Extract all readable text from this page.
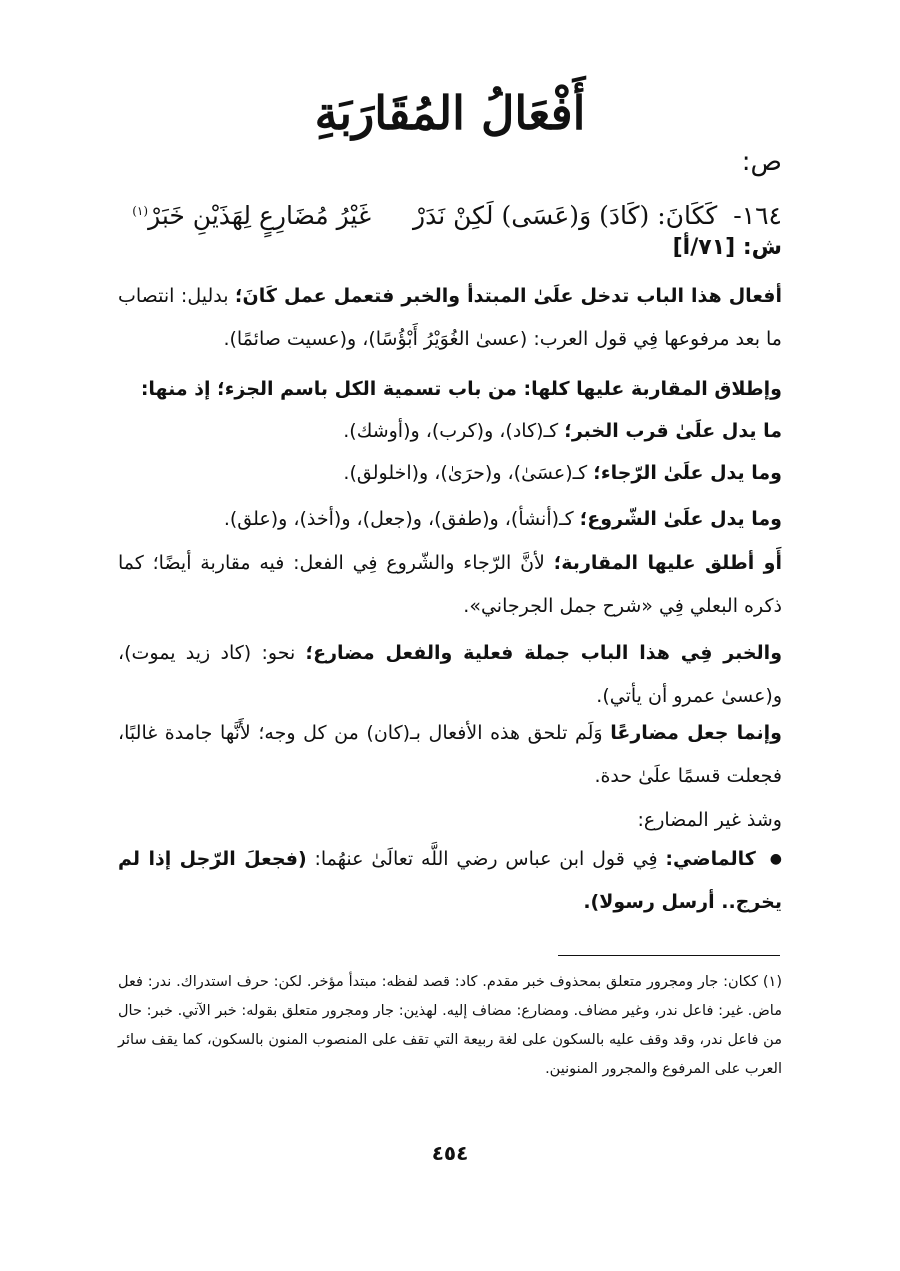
أَفْعَالُ المُقَارَبَةِ
ص:
١٦٤- كَكَانَ: (كَادَ) وَ(عَسَى) لَكِنْ نَدَرْ غَيْرُ مُضَارِعٍ لِهَذَيْنِ خَبَرْ$^{(١)}$
ش: [٧١/أ]
أفعال هذا الباب تدخل علَىٰ المبتدأ والخبر فتعمل عمل كَانَ؛ بدليل: انتصاب ما بعد مرفوعها فِي قول العرب: (عسىٰ الغُوَيْرُ أَبْؤُسًا)، و(عسيت صائمًا).
وإطلاق المقاربة عليها كلها: من باب تسمية الكل باسم الجزء؛ إذ منها:
ما يدل علَىٰ قرب الخبر؛ كـ(كاد)، و(كرب)، و(أوشك).
وما يدل علَىٰ الرّجاء؛ كـ(عسَىٰ)، و(حرَىٰ)، و(اخلولق).
وما يدل علَىٰ الشّروع؛ كـ(أنشأ)، و(طفق)، و(جعل)، و(أخذ)، و(علق).
أَو أطلق عليها المقاربة؛ لأنَّ الرّجاء والشّروع فِي الفعل: فيه مقاربة أيضًا؛ كما ذكره البعلي فِي «شرح جمل الجرجاني».
والخبر فِي هذا الباب جملة فعلية والفعل مضارع؛ نحو: (كاد زيد يموت)، و(عسىٰ عمرو أن يأتي).
وإنما جعل مضارعًا وَلَم تلحق هذه الأفعال بـ(كان) من كل وجه؛ لأَنَّها جامدة غالبًا، فجعلت قسمًا علَىٰ حدة.
وشذ غير المضارع:
●كالماضي: فِي قول ابن عباس رضي اللَّه تعالَىٰ عنهُما: (فجعلَ الرّجل إذا لم يخرج.. أرسل رسولا).
(١) ككان: جار ومجرور متعلق بمحذوف خبر مقدم. كاد: قصد لفظه: مبتدأ مؤخر. لكن: حرف استدراك. ندر: فعل ماض. غير: فاعل ندر، وغير مضاف. ومضارع: مضاف إليه. لهذين: جار ومجرور متعلق بقوله: خبر الآتي. خبر: حال من فاعل ندر، وقد وقف عليه بالسكون على لغة ربيعة التي تقف على المنصوب المنون بالسكون، كما يقف سائر العرب على المرفوع والمجرور المنونين.
٤٥٤
